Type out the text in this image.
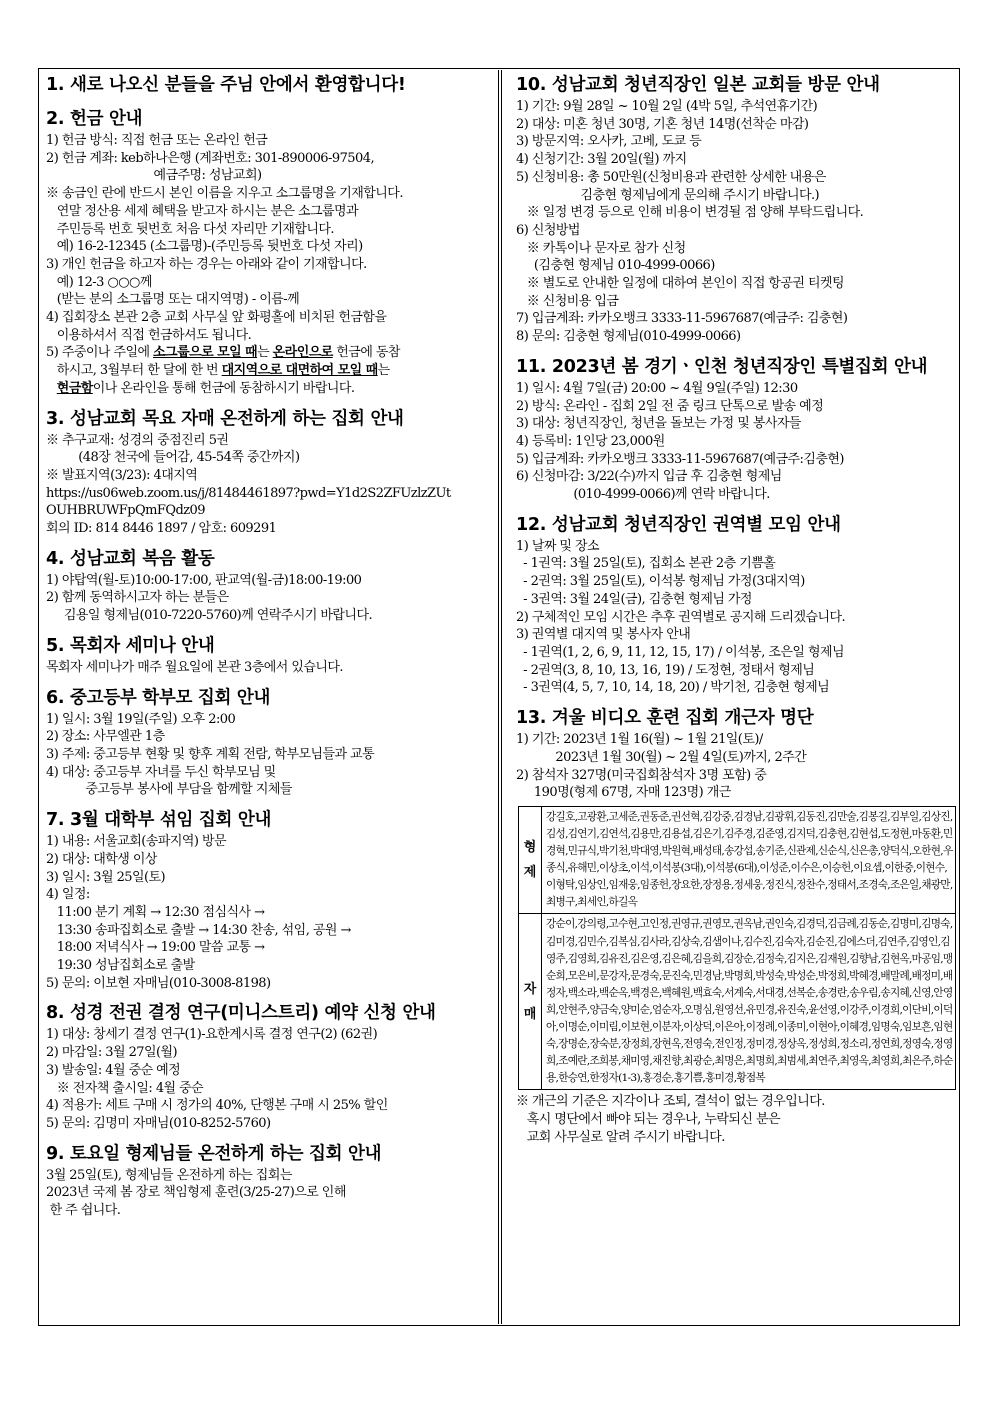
1. 새로 나오신 분들을 주님 안에서 환영합니다!
2. 헌금 안내
1) 헌금 방식: 직접 헌금 또는 온라인 헌금
2) 헌금 계좌: keb하나은행 (계좌번호: 301-890006-97504,
예금주명: 성남교회)
※ 송금인 란에 반드시 본인 이름을 지우고 소그룹명을 기재합니다.
연말 정산용 세제 혜택을 받고자 하시는 분은 소그룹명과
주민등록 번호 뒷번호 처음 다섯 자리만 기재합니다.
예) 16-2-12345 (소그룹명)-(주민등록 뒷번호 다섯 자리)
3) 개인 헌금을 하고자 하는 경우는 아래와 같이 기재합니다.
예) 12-3 ○○○께
(받는 분의 소그룹명 또는 대지역명) - 이름-께
4) 집회장소 본관 2층 교회 사무실 앞 화평홀에 비치된 헌금함을
이용하셔서 직접 헌금하셔도 됩니다.
5) 주중이나 주일에 소그룹으로 모일 때는 온라인으로 헌금에 동참
하시고, 3월부터 한 달에 한 번 대지역으로 대면하여 모일 때는
현금함이나 온라인을 통해 헌금에 동참하시기 바랍니다.
3. 성남교회 목요 자매 온전하게 하는 집회 안내
※ 추구교재: 성경의 중점진리 5권
(48장 천국에 들어감, 45-54쪽 중간까지)
※ 발표지역(3/23): 4대지역
https://us06web.zoom.us/j/81484461897?pwd=Y1d2S2ZFUzlzZUt
OUHBRUWFpQmFQdz09
회의 ID: 814 8446 1897 / 암호: 609291
4. 성남교회 복음 활동
1) 야탑역(월-토)10:00-17:00, 판교역(월-금)18:00-19:00
2) 함께 동역하시고자 하는 분들은
김용일 형제님(010-7220-5760)께 연락주시기 바랍니다.
5. 목회자 세미나 안내
목회자 세미나가 매주 월요일에 본관 3층에서 있습니다.
6. 중고등부 학부모 집회 안내
1) 일시: 3월 19일(주일) 오후 2:00
2) 장소: 사무엘관 1층
3) 주제: 중고등부 현황 및 향후 계획 전람, 학부모님들과 교통
4) 대상: 중고등부 자녀를 두신 학부모님 및
중고등부 봉사에 부담을 함께할 지체들
7. 3월 대학부 섞임 집회 안내
1) 내용: 서울교회(송파지역) 방문
2) 대상: 대학생 이상
3) 일시: 3월 25일(토)
4) 일정:
11:00 분기 계획 → 12:30 점심식사 →
13:30 송파집회소로 출발 → 14:30 찬송, 섞임, 공원 →
18:00 저녁식사 → 19:00 말씀 교통 →
19:30 성남집회소로 출발
5) 문의: 이보현 자매님(010-3008-8198)
8. 성경 전권 결정 연구(미니스트리) 예약 신청 안내
1) 대상: 창세기 결정 연구(1)-요한계시록 결정 연구(2) (62권)
2) 마감일: 3월 27일(월)
3) 발송일: 4월 중순 예정
※ 전자책 출시일: 4월 중순
4) 적용가: 세트 구매 시 정가의 40%, 단행본 구매 시 25% 할인
5) 문의: 김명미 자매님(010-8252-5760)
9. 토요일 형제님들 온전하게 하는 집회 안내
3월 25일(토), 형제님들 온전하게 하는 집회는
2023년 국제 봄 장로 책임형제 훈련(3/25-27)으로 인해
한 주 쉽니다.
10. 성남교회 청년직장인 일본 교회들 방문 안내
1) 기간: 9월 28일 ~ 10월 2일 (4박 5일, 추석연휴기간)
2) 대상: 미혼 청년 30명, 기혼 청년 14명(선착순 마감)
3) 방문지역: 오사카, 고베, 도쿄 등
4) 신청기간: 3월 20일(월) 까지
5) 신청비용: 총 50만원(신청비용과 관련한 상세한 내용은
김충현 형제님에게 문의해 주시기 바랍니다.)
※ 일정 변경 등으로 인해 비용이 변경될 점 양해 부탁드립니다.
6) 신청방법
※ 카톡이나 문자로 참가 신청
(김충현 형제님 010-4999-0066)
※ 별도로 안내한 일정에 대하여 본인이 직접 항공권 티켓팅
※ 신청비용 입금
7) 입금계좌: 카카오뱅크 3333-11-5967687(예금주: 김충현)
8) 문의: 김충현 형제님(010-4999-0066)
11. 2023년 봄 경기ㆍ인천 청년직장인 특별집회 안내
1) 일시: 4월 7일(금) 20:00 ~ 4월 9일(주일) 12:30
2) 방식: 온라인 - 집회 2일 전 줌 링크 단톡으로 발송 예정
3) 대상: 청년직장인, 청년을 돌보는 가정 및 봉사자들
4) 등록비: 1인당 23,000원
5) 입금계좌: 카카오뱅크 3333-11-5967687(예금주:김충현)
6) 신청마감: 3/22(수)까지 입금 후 김충현 형제님
(010-4999-0066)께 연락 바랍니다.
12. 성남교회 청년직장인 권역별 모임 안내
1) 날짜 및 장소
- 1권역: 3월 25일(토), 집회소 본관 2층 기쁨홀
- 2권역: 3월 25일(토), 이석봉 형제님 가정(3대지역)
- 3권역: 3월 24일(금), 김충현 형제님 가정
2) 구체적인 모임 시간은 추후 권역별로 공지해 드리겠습니다.
3) 권역별 대지역 및 봉사자 안내
- 1권역(1, 2, 6, 9, 11, 12, 15, 17) / 이석봉, 조은일 형제님
- 2권역(3, 8, 10, 13, 16, 19) / 도정현, 정태서 형제님
- 3권역(4, 5, 7, 10, 14, 18, 20) / 박기천, 김충현 형제님
13. 겨울 비디오 훈련 집회 개근자 명단
1) 기간: 2023년 1월 16(월) ~ 1월 21일(토)/
2023년 1월 30(월) ~ 2월 4일(토)까지, 2주간
2) 참석자 327명(미국집회참석자 3명 포함) 중
190명(형제 67명, 자매 123명) 개근
형
제	강길호,고광환,고세준,권동준,권선혁,김강중,김경남,김광휘,김동진,김만술,김봉길,김부일,김상진,김성,김연기,김연석,김용만,김용섭,김은기,김주경,김준영,김지덕,김충현,김현섭,도정현,마동환,민경혁,민규식,박기천,박대영,박원혁,배성태,송강섭,송기준,신관제,신순식,신은총,양덕식,오한현,우종식,유해민,이상초,이석,이석봉(3대),이석봉(6대),이성준,이수은,이승헌,이요셉,이한중,이현수,이형탁,임상인,임재웅,임종헌,장요한,장정용,정세웅,정진식,정찬수,정태서,조경숙,조은일,채광만,최병구,최세인,하길옥

자
매	강순이,강의령,고수현,고인정,권영규,권영모,권옥남,권인숙,김경덕,김금례,김동순,김명미,김명숙,김미경,김민수,김복심,김사라,김상숙,김샘이나,김수진,김숙자,김순진,김에스더,김연주,김영인,김영주,김영희,김유진,김은영,김은혜,김을희,김장순,김정숙,김지은,김재원,김향남,김현옥,마공임,맹순희,모은비,문강자,문경숙,문진숙,민경남,박명희,박성숙,박성순,박정희,박혜경,배말례,배정미,배정자,백소라,백순옥,백경은,백혜원,백효숙,서계숙,서대경,선복순,송경란,송우림,송지혜,신영,안영희,안현주,양금숙,양미순,엄순자,오명심,원영선,유민경,유진숙,윤선영,이강주,이경희,이단비,이덕아,이명순,이미림,이보현,이분자,이상덕,이은아,이정례,이종미,이현아,이혜경,임명숙,임보흔,임현숙,장명순,장숙분,장정희,장현옥,전영숙,전인정,정미경,정상옥,정성희,정소리,정연희,정영숙,정영희,조예란,조희봉,채미영,채진향,최광순,최명은,최명희,최범세,최연주,최영옥,최영희,최은주,하순용,한승연,한정자(1-3),홍경순,홍기쁨,홍미경,황점복
※ 개근의 기준은 지각이나 조퇴, 결석이 없는 경우입니다.
혹시 명단에서 빠야 되는 경우나, 누락되신 분은
교회 사무실로 알려 주시기 바랍니다.
